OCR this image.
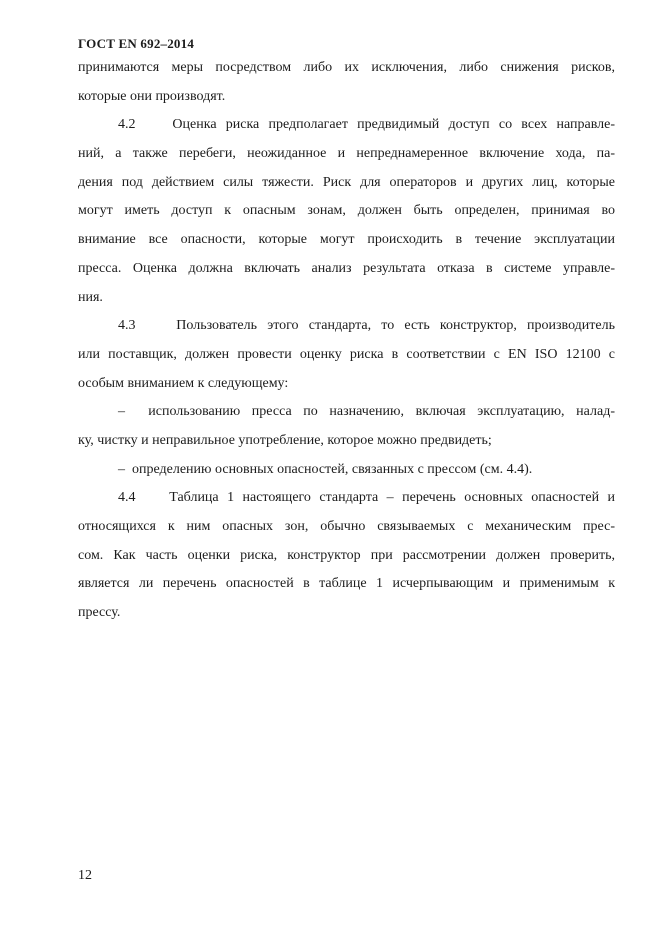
ГОСТ EN 692–2014
принимаются меры посредством либо их исключения, либо снижения рисков,
которые они производят.
4.2    Оценка риска предполагает предвидимый доступ со всех направле-
ний, а также перебеги, неожиданное и непреднамеренное включение хода, па-
дения под действием силы тяжести. Риск для операторов и других лиц, которые
могут иметь доступ к опасным зонам, должен быть определен, принимая во
внимание все опасности, которые могут происходить в течение эксплуатации
пресса. Оценка должна включать анализ результата отказа в системе управле-
ния.
4.3    Пользователь этого стандарта, то есть конструктор, производитель
или поставщик, должен провести оценку риска в соответствии с EN ISO 12100 с
особым вниманием к следующему:
–  использованию пресса по назначению, включая эксплуатацию, налад-
ку, чистку и неправильное употребление, которое можно предвидеть;
–  определению основных опасностей, связанных с прессом (см. 4.4).
4.4    Таблица 1 настоящего стандарта – перечень основных опасностей и
относящихся к ним опасных зон, обычно связываемых с механическим прес-
сом. Как часть оценки риска, конструктор при рассмотрении должен проверить,
является ли перечень опасностей в таблице 1 исчерпывающим и применимым к
прессу.
12
